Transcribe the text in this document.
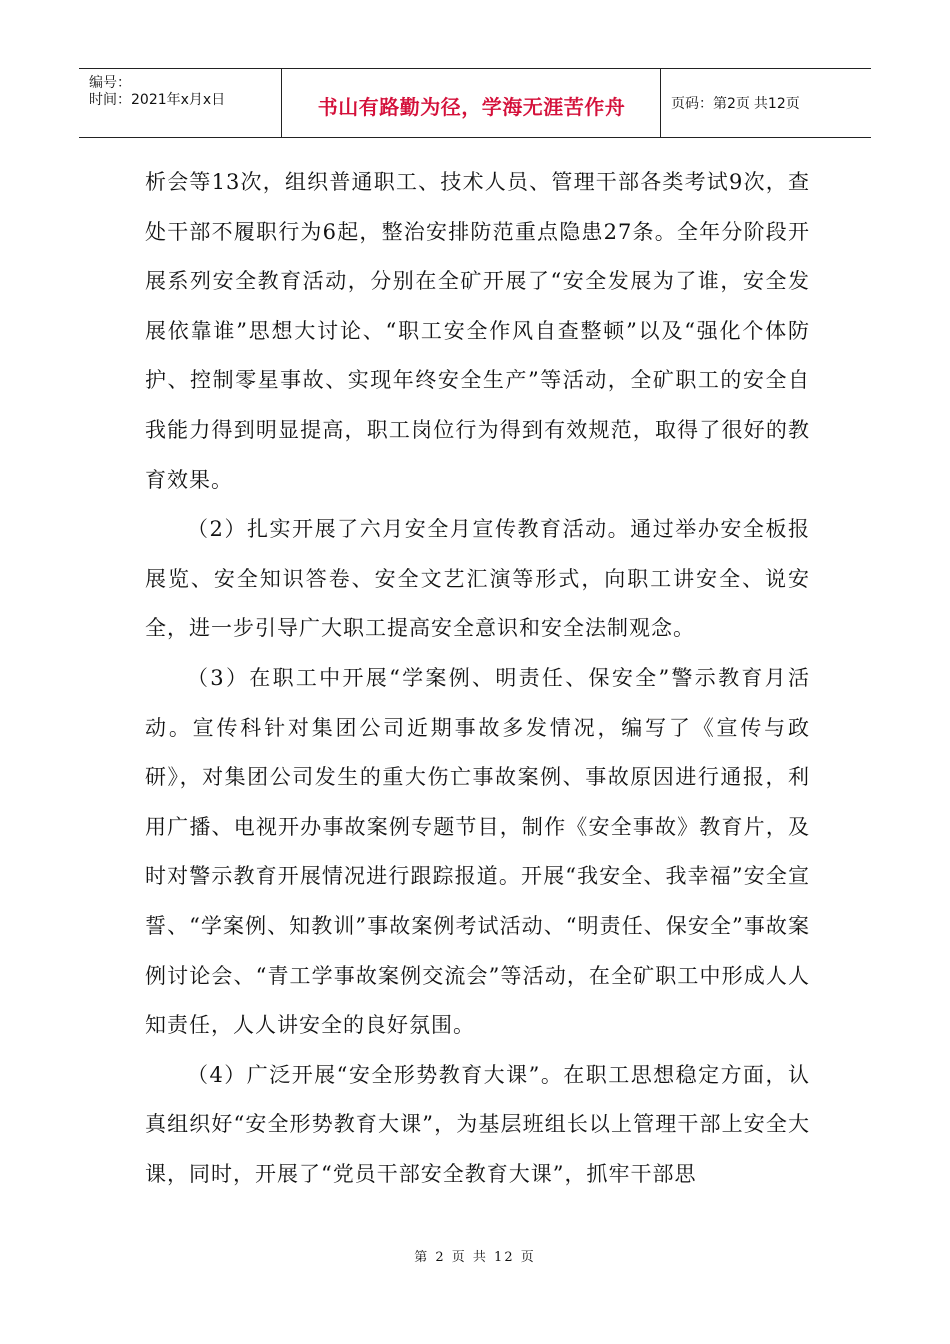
编号：
时间：2021年x月x日	书山有路勤为径，学海无涯苦作舟	页码：第2页 共12页

析会等13次，组织普通职工、技术人员、管理干部各类考试9次，查处干部不履职行为6起，整治安排防范重点隐患27条。全年分阶段开展系列安全教育活动，分别在全矿开展了“安全发展为了谁，安全发展依靠谁”思想大讨论、“职工安全作风自查整顿”以及“强化个体防护、控制零星事故、实现年终安全生产”等活动，全矿职工的安全自我能力得到明显提高，职工岗位行为得到有效规范，取得了很好的教育效果。

（2）扎实开展了六月安全月宣传教育活动。通过举办安全板报展览、安全知识答卷、安全文艺汇演等形式，向职工讲安全、说安全，进一步引导广大职工提高安全意识和安全法制观念。

（3）在职工中开展“学案例、明责任、保安全”警示教育月活动。宣传科针对集团公司近期事故多发情况，编写了《宣传与政研》，对集团公司发生的重大伤亡事故案例、事故原因进行通报，利用广播、电视开办事故案例专题节目，制作《安全事故》教育片，及时对警示教育开展情况进行跟踪报道。开展“我安全、我幸福”安全宣誓、“学案例、知教训”事故案例考试活动、“明责任、保安全”事故案例讨论会、“青工学事故案例交流会”等活动，在全矿职工中形成人人知责任，人人讲安全的良好氛围。

（4）广泛开展“安全形势教育大课”。在职工思想稳定方面，认真组织好“安全形势教育大课”，为基层班组长以上管理干部上安全大课，同时，开展了“党员干部安全教育大课”，抓牢干部思

第 2 页 共 12 页
